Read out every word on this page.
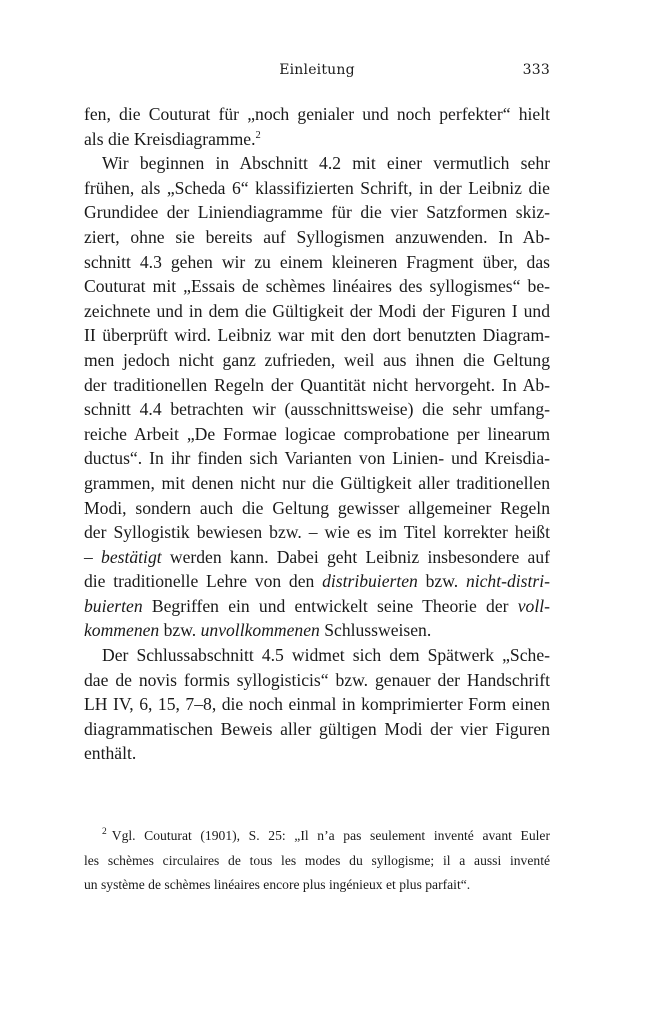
Einleitung	333

fen, die Couturat für „noch genialer und noch perfekter“ hielt
als die Kreisdiagramme.$^2$

Wir beginnen in Abschnitt 4.2 mit einer vermutlich sehr
frühen, als „Scheda 6“ klassifizierten Schrift, in der Leibniz die
Grundidee der Liniendiagramme für die vier Satzformen skiz-
ziert, ohne sie bereits auf Syllogismen anzuwenden. In Ab-
schnitt 4.3 gehen wir zu einem kleineren Fragment über, das
Couturat mit „Essais de schèmes linéaires des syllogismes“ be-
zeichnete und in dem die Gültigkeit der Modi der Figuren I und
II überprüft wird. Leibniz war mit den dort benutzten Diagram-
men jedoch nicht ganz zufrieden, weil aus ihnen die Geltung
der traditionellen Regeln der Quantität nicht hervorgeht. In Ab-
schnitt 4.4 betrachten wir (ausschnittsweise) die sehr umfang-
reiche Arbeit „De Formae logicae comprobatione per linearum
ductus“. In ihr finden sich Varianten von Linien- und Kreisdia-
grammen, mit denen nicht nur die Gültigkeit aller traditionellen
Modi, sondern auch die Geltung gewisser allgemeiner Regeln
der Syllogistik bewiesen bzw. – wie es im Titel korrekter heißt
– bestätigt werden kann. Dabei geht Leibniz insbesondere auf
die traditionelle Lehre von den distribuierten bzw. nicht-distri-
buierten Begriffen ein und entwickelt seine Theorie der voll-
kommenen bzw. unvollkommenen Schlussweisen.

Der Schlussabschnitt 4.5 widmet sich dem Spätwerk „Sche-
dae de novis formis syllogisticis“ bzw. genauer der Handschrift
LH IV, 6, 15, 7–8, die noch einmal in komprimierter Form einen
diagrammatischen Beweis aller gültigen Modi der vier Figuren
enthält.

$^2$ Vgl. Couturat (1901), S. 25: „Il n’a pas seulement inventé avant Euler
les schèmes circulaires de tous les modes du syllogisme; il a aussi inventé
un système de schèmes linéaires encore plus ingénieux et plus parfait“.
